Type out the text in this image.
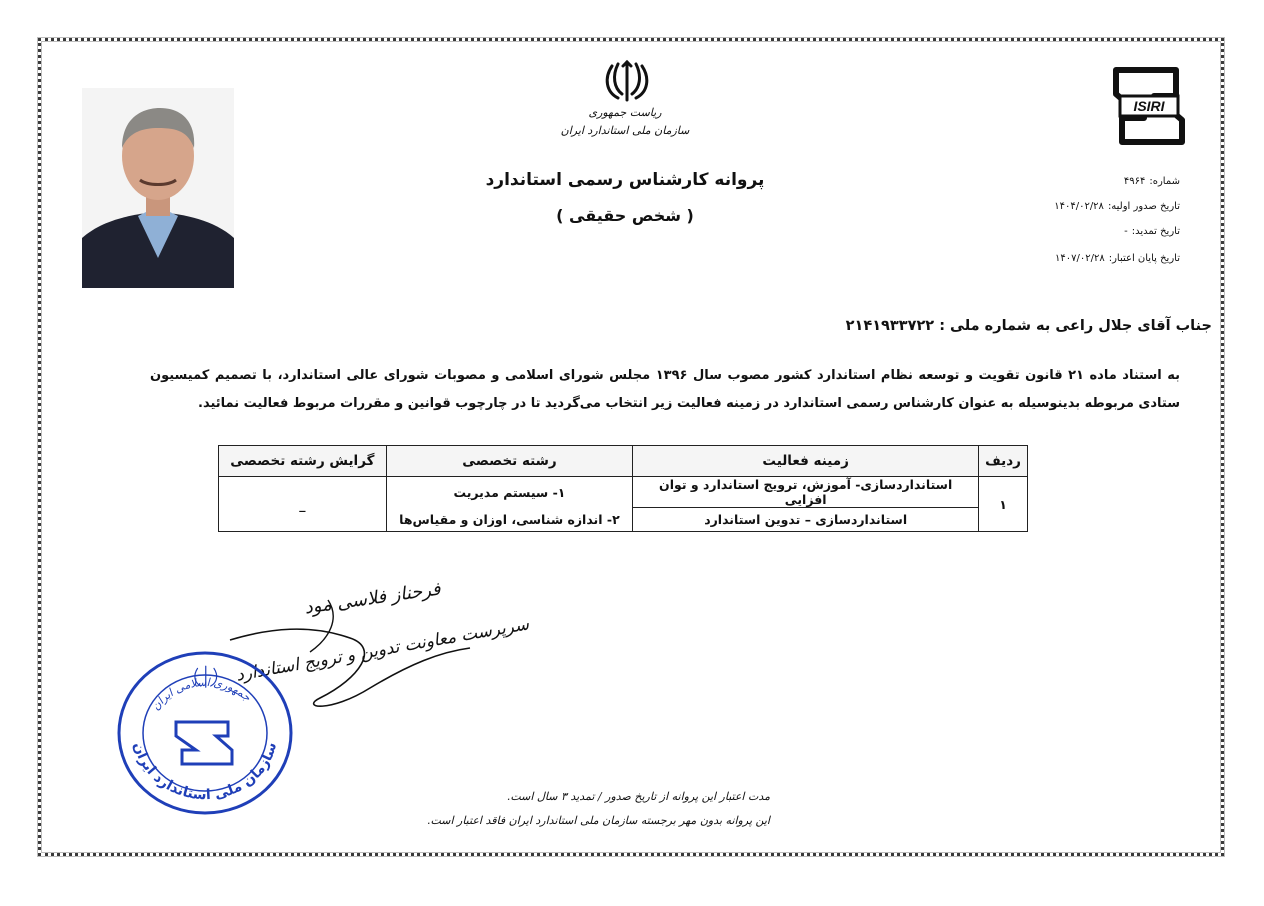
ریاست جمهوری
سازمان ملی استاندارد ایران
پروانه کارشناس رسمی استاندارد
( شخص حقیقی )
ISIRI
شماره:۴۹۶۴
تاریخ صدور اولیه:۱۴۰۴/۰۲/۲۸
تاریخ تمدید:-
تاریخ پایان اعتبار:۱۴۰۷/۰۲/۲۸
جناب آقای جلال راعی به شماره ملی : ۲۱۴۱۹۳۳۷۲۲
به استناد ماده ۲۱ قانون تقویت و توسعه نظام استاندارد کشور مصوب سال ۱۳۹۶ مجلس شورای اسلامی و مصوبات شورای عالی استاندارد، با تصمیم کمیسیون ستادی مربوطه بدینوسیله به عنوان کارشناس رسمی استاندارد در زمینه فعالیت زیر انتخاب می‌گردید تا در چارچوب قوانین و مقررات مربوط فعالیت نمائید.
ردیف	زمینه فعالیت	رشته تخصصی	گرایش رشته تخصصی
۱	استانداردسازی- آموزش، ترویج استاندارد و توان افزایی	۱- سیستم مدیریت	_
	استانداردسازی – تدوین استاندارد	۲- اندازه شناسی، اوزان و مقیاس‌ها	
فرحناز فلاسی مود
سرپرست معاونت تدوین و ترویج استاندارد
جمهوری اسلامی ایران
سازمان ملی استاندارد ایران
مدت اعتبار این پروانه از تاریخ صدور / تمدید ۳ سال است.
این پروانه بدون مهر برجسته سازمان ملی استاندارد ایران فاقد اعتبار است.
